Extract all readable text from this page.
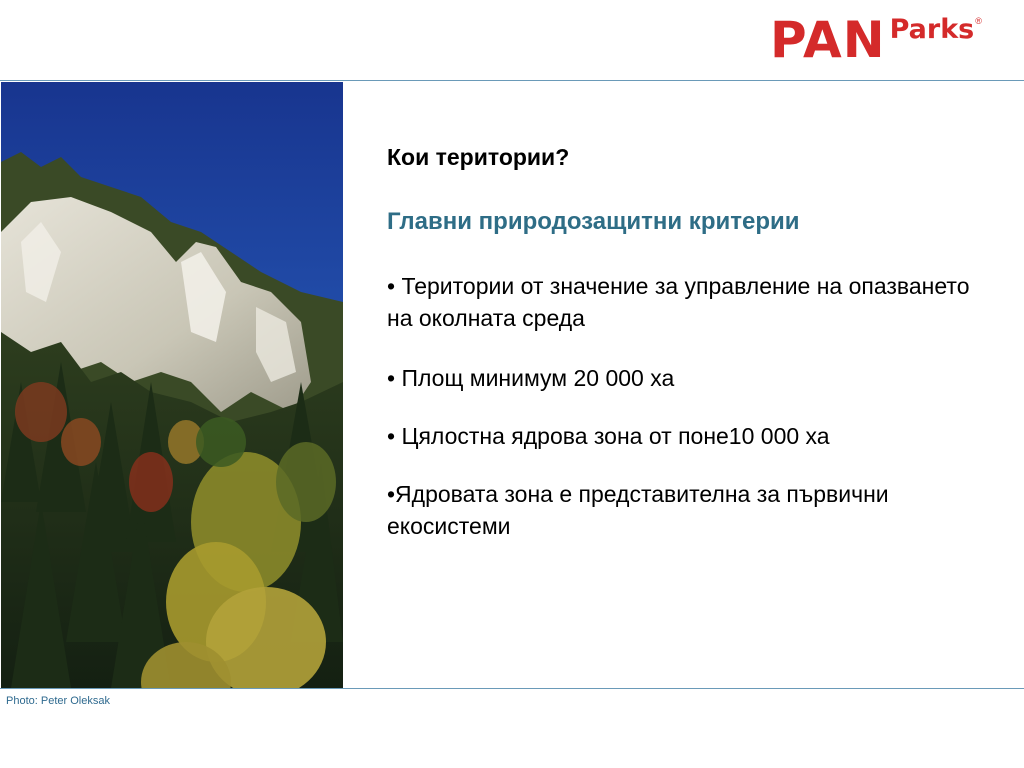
PAN Parks ®
Photo: Peter Oleksak

Кои територии?

Главни природозащитни критерии

• Територии от значение за управление на опазването на околната среда
• Площ минимум 20 000 ха
• Цялостна ядрова зона от поне10 000 ха
•Ядровата зона е представителна за първични екосистеми
